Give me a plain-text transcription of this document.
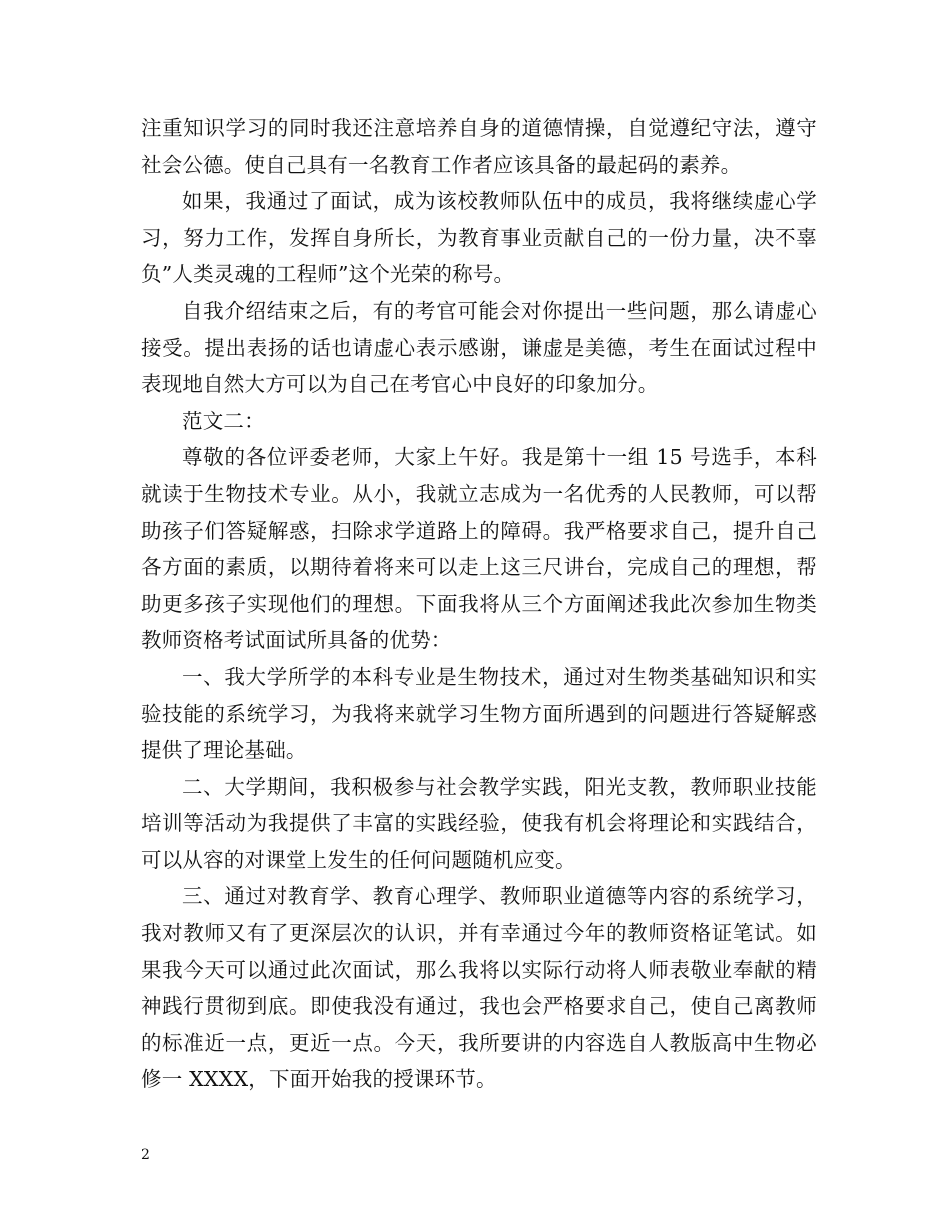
注重知识学习的同时我还注意培养自身的道德情操，自觉遵纪守法，遵守社会公德。使自己具有一名教育工作者应该具备的最起码的素养。

如果，我通过了面试，成为该校教师队伍中的成员，我将继续虚心学习，努力工作，发挥自身所长，为教育事业贡献自己的一份力量，决不辜负”人类灵魂的工程师”这个光荣的称号。

自我介绍结束之后，有的考官可能会对你提出一些问题，那么请虚心接受。提出表扬的话也请虚心表示感谢，谦虚是美德，考生在面试过程中表现地自然大方可以为自己在考官心中良好的印象加分。

范文二：

尊敬的各位评委老师，大家上午好。我是第十一组 15 号选手，本科就读于生物技术专业。从小，我就立志成为一名优秀的人民教师，可以帮助孩子们答疑解惑，扫除求学道路上的障碍。我严格要求自己，提升自己各方面的素质，以期待着将来可以走上这三尺讲台，完成自己的理想，帮助更多孩子实现他们的理想。下面我将从三个方面阐述我此次参加生物类教师资格考试面试所具备的优势：

一、我大学所学的本科专业是生物技术，通过对生物类基础知识和实验技能的系统学习，为我将来就学习生物方面所遇到的问题进行答疑解惑提供了理论基础。

二、大学期间，我积极参与社会教学实践，阳光支教，教师职业技能培训等活动为我提供了丰富的实践经验，使我有机会将理论和实践结合，可以从容的对课堂上发生的任何问题随机应变。

三、通过对教育学、教育心理学、教师职业道德等内容的系统学习，我对教师又有了更深层次的认识，并有幸通过今年的教师资格证笔试。如果我今天可以通过此次面试，那么我将以实际行动将人师表敬业奉献的精神践行贯彻到底。即使我没有通过，我也会严格要求自己，使自己离教师的标准近一点，更近一点。今天，我所要讲的内容选自人教版高中生物必修一 XXXX，下面开始我的授课环节。

2
